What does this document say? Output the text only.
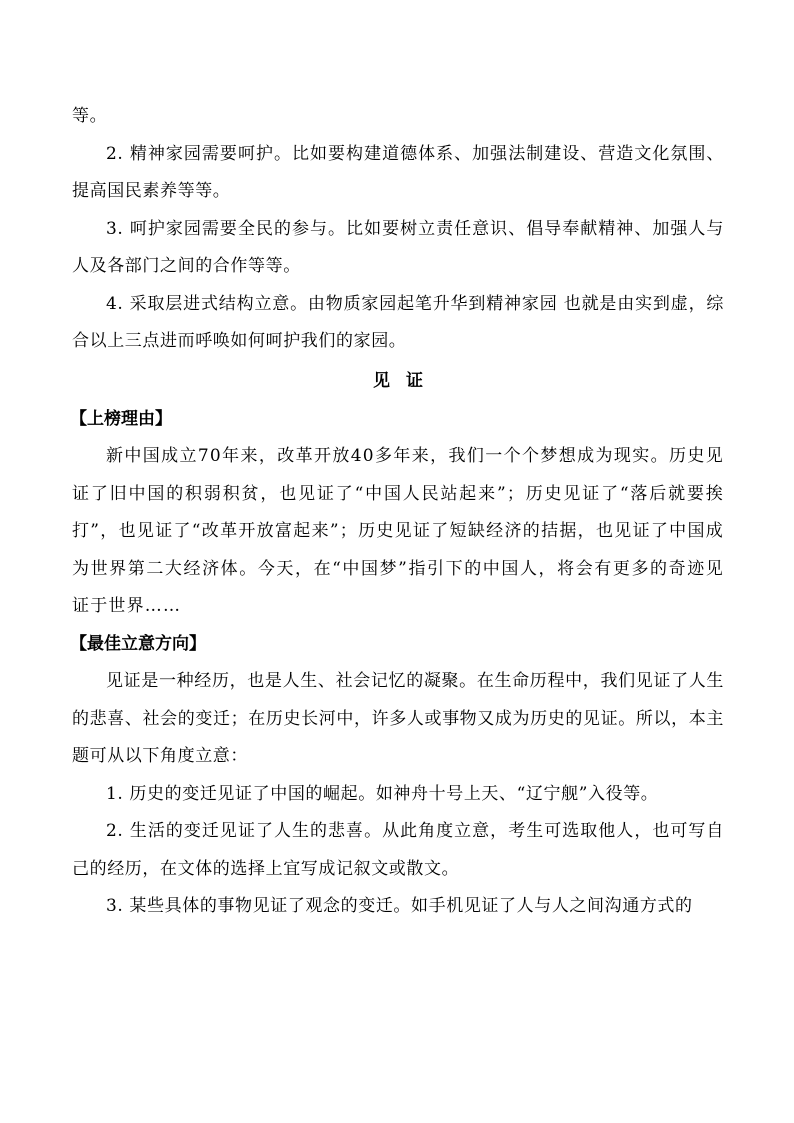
等。

2. 精神家园需要呵护。比如要构建道德体系、加强法制建设、营造文化氛围、提高国民素养等等。

3. 呵护家园需要全民的参与。比如要树立责任意识、倡导奉献精神、加强人与人及各部门之间的合作等等。

4. 采取层进式结构立意。由物质家园起笔升华到精神家园 也就是由实到虚，综合以上三点进而呼唤如何呵护我们的家园。

见证
【上榜理由】

新中国成立70年来，改革开放40多年来，我们一个个梦想成为现实。历史见证了旧中国的积弱积贫，也见证了“中国人民站起来”；历史见证了“落后就要挨打”，也见证了“改革开放富起来”；历史见证了短缺经济的拮据，也见证了中国成为世界第二大经济体。今天，在“中国梦”指引下的中国人，将会有更多的奇迹见证于世界……

【最佳立意方向】

见证是一种经历，也是人生、社会记忆的凝聚。在生命历程中，我们见证了人生的悲喜、社会的变迁；在历史长河中，许多人或事物又成为历史的见证。所以，本主题可从以下角度立意：

1. 历史的变迁见证了中国的崛起。如神舟十号上天、“辽宁舰”入役等。

2. 生活的变迁见证了人生的悲喜。从此角度立意，考生可选取他人，也可写自己的经历，在文体的选择上宜写成记叙文或散文。

3. 某些具体的事物见证了观念的变迁。如手机见证了人与人之间沟通方式的
